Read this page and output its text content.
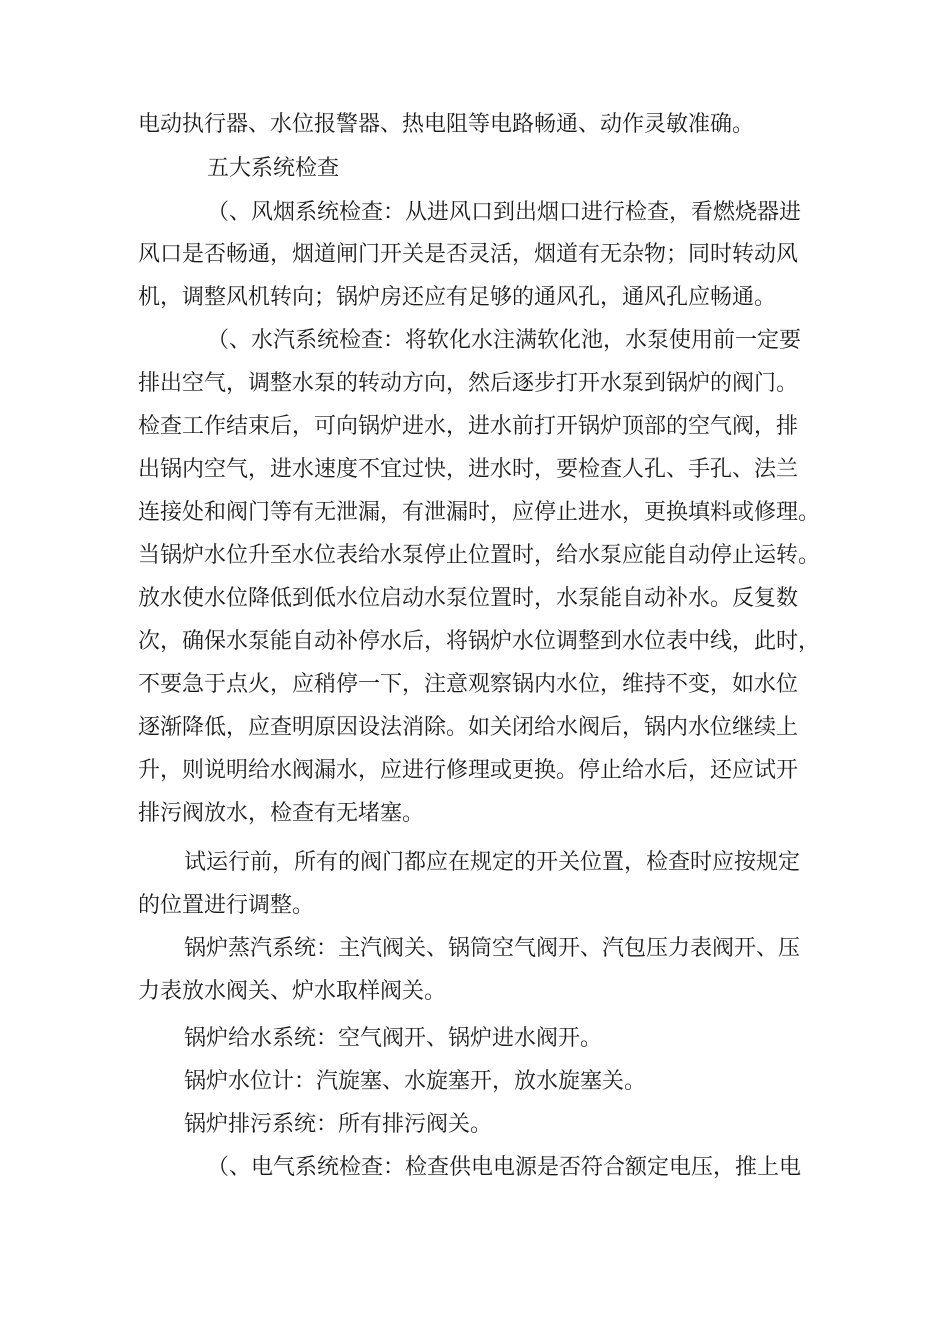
电动执行器、水位报警器、热电阻等电路畅通、动作灵敏准确。
五大系统检查
（、风烟系统检查：从进风口到出烟口进行检查，看燃烧器进
风口是否畅通，烟道闸门开关是否灵活，烟道有无杂物；同时转动风
机，调整风机转向；锅炉房还应有足够的通风孔，通风孔应畅通。
（、水汽系统检查：将软化水注满软化池，水泵使用前一定要
排出空气，调整水泵的转动方向，然后逐步打开水泵到锅炉的阀门。
检查工作结束后，可向锅炉进水，进水前打开锅炉顶部的空气阀，排
出锅内空气，进水速度不宜过快，进水时，要检查人孔、手孔、法兰
连接处和阀门等有无泄漏，有泄漏时，应停止进水，更换填料或修理。
当锅炉水位升至水位表给水泵停止位置时，给水泵应能自动停止运转。
放水使水位降低到低水位启动水泵位置时，水泵能自动补水。反复数
次，确保水泵能自动补停水后，将锅炉水位调整到水位表中线，此时，
不要急于点火，应稍停一下，注意观察锅内水位，维持不变，如水位
逐渐降低，应查明原因设法消除。如关闭给水阀后，锅内水位继续上
升，则说明给水阀漏水，应进行修理或更换。停止给水后，还应试开
排污阀放水，检查有无堵塞。
试运行前，所有的阀门都应在规定的开关位置，检查时应按规定
的位置进行调整。
锅炉蒸汽系统：主汽阀关、锅筒空气阀开、汽包压力表阀开、压
力表放水阀关、炉水取样阀关。
锅炉给水系统：空气阀开、锅炉进水阀开。
锅炉水位计：汽旋塞、水旋塞开，放水旋塞关。
锅炉排污系统：所有排污阀关。
（、电气系统检查：检查供电电源是否符合额定电压，推上电
